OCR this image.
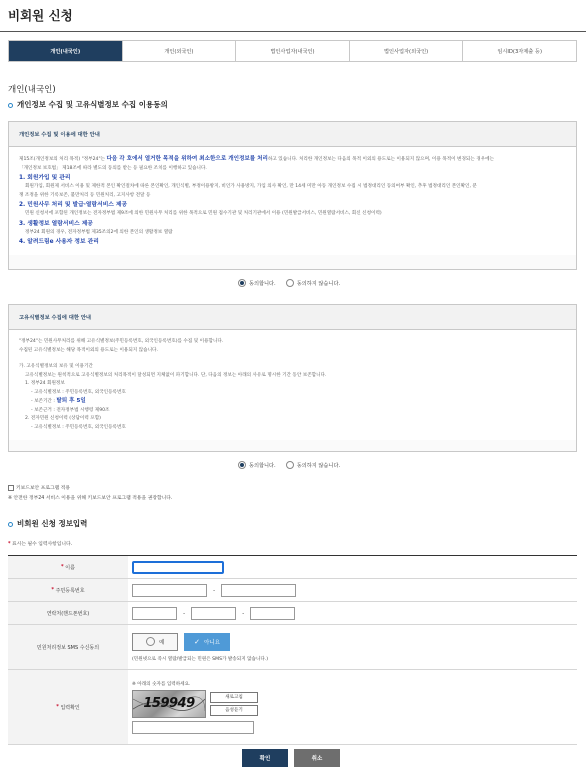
비회원 신청
개인(내국인)	개인(외국인)	법인사업자(내국인)	법인사업자(외국인)	임시ID(3자제출 등)
개인(내국인)
개인정보 수집 및 고유식별정보 수집 이용동의
개인정보 수집 및 이용에 대한 안내
제15조(개인정보의 처리 목적) "정부24"는 다음 각 호에서 열거한 목적을 위하여 최소한으로 개인정보를 처리하고 있습니다. 처리한 개인정보는 다음의 목적 이외의 용도로는 이용되지 않으며, 이용 목적이 변경되는 경우에는
「개인정보 보호법」 제18조에 따라 별도의 동의를 받는 등 필요한 조치를 이행하고 있습니다.
1. 회원가입 및 관리
회원가입, 회원제 서비스 이용 및 제한적 본인 확인절차에 따른 본인확인, 개인식별, 부정이용방지, 비인가 사용방지, 가입 의사 확인, 만 14세 미만 아동 개인정보 수집 시 법정대리인 동의여부 확인, 추후 법정대리인 본인확인, 분
쟁 조정을 위한 기록보존, 불만처리 등 민원처리, 고지사항 전달 등
2. 민원사무 처리 및 발급·열람서비스 제공
민원 신청서에 포함된 개인정보는 전자정부법 제9조에 의한 민원사무 처리를 위한 목적으로 민원 접수기관 및 처리기관에서 이용 (민원발급서비스, 민원열람서비스, 회신 신청이력)
3. 생활정보 열람서비스 제공
정부24 회원의 경우, 전자정부법 제35조의2에 의한 본인의 생활정보 열람
4. 알려드림e 사용자 정보 관리
동의합니다.	동의하지 않습니다.
고유식별정보 수집에 대한 안내
"정부24"는 민원사무처리를 위해 고유식별정보(주민등록번호, 외국인등록번호)를 수집 및 이용합니다.
수집된 고유식별정보는 해당 목적이외의 용도로는 이용되지 않습니다.
가. 고유식별정보의 보유 및 이용기간
고유식별정보는 원칙적으로 고유식별정보의 처리목적이 달성되면 지체없이 파기합니다. 단, 다음의 정보는 아래의 사유로 명시한 기간 동안 보존합니다.
1. 정부24 회원정보
- 고유식별정보 : 주민등록번호, 외국인등록번호
- 보존기간 : 탈퇴 후 5일
- 보존근거 : 전자정부법 시행령 제90조
2. 전자민원 신청이력 (상담이력 포함)
- 고유식별정보 : 주민등록번호, 외국인등록번호
동의합니다.	동의하지 않습니다.
키보드보안 프로그램 적용
※ 안전한 정부24 서비스 이용을 위해 키보드보안 프로그램 적용을 권장합니다.
비회원 신청 정보입력
* 표시는 필수 입력사항입니다.
*
이름
*
주민등록번호	-
연락처(핸드폰번호)	-	-
민원처리정보 SMS 수신동의
예	✓ 아니요
(민원넷으로 즉시 열람/발급되는 민원은 SMS가 발송되지 않습니다.)
*
입력확인
※ 아래의 숫자를 입력하세요.
159949	새로고침
음성듣기
확인	취소
